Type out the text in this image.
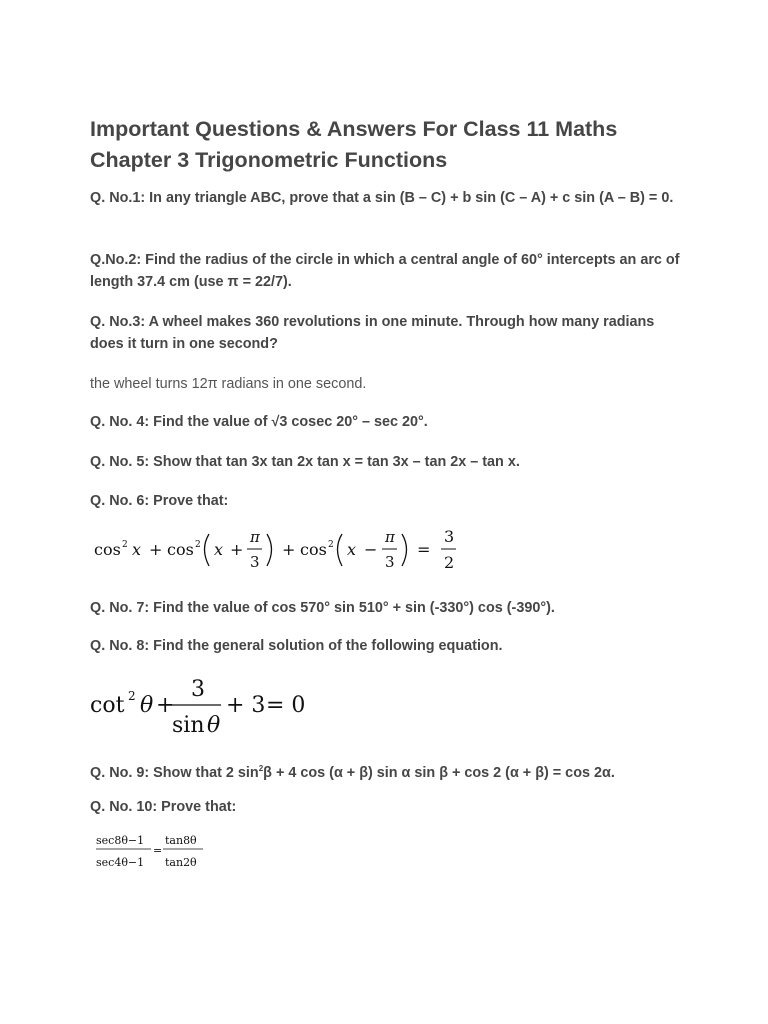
Important Questions & Answers For Class 11 Maths Chapter 3 Trigonometric Functions

Q. No.1: In any triangle ABC, prove that a sin (B – C) + b sin (C – A) + c sin (A – B) = 0.

Q.No.2: Find the radius of the circle in which a central angle of 60° intercepts an arc of length 37.4 cm (use π = 22/7).

Q. No.3: A wheel makes 360 revolutions in one minute. Through how many radians does it turn in one second?

the wheel turns 12π radians in one second.

Q. No. 4: Find the value of √3 cosec 20° – sec 20°.

Q. No. 5: Show that tan 3x tan 2x tan x = tan 3x – tan 2x – tan x.

Q. No. 6: Prove that:

cos 2 x + cos 2 x +
π
3
+ cos 2 x −
π
3
=
3
2

Q. No. 7: Find the value of cos 570° sin 510° + sin (-330°) cos (-390°).

Q. No. 8: Find the general solution of the following equation.

cot 2 θ +
3
sin θ
+ 3 = 0

Q. No. 9: Show that 2 $\sin^2\beta + 4$ cos (α + β) sin α sin β + cos 2 (α + β) = cos 2α.

Q. No. 10: Prove that:

sec8θ−1
sec4θ−1
=
tan8θ
tan2θ
